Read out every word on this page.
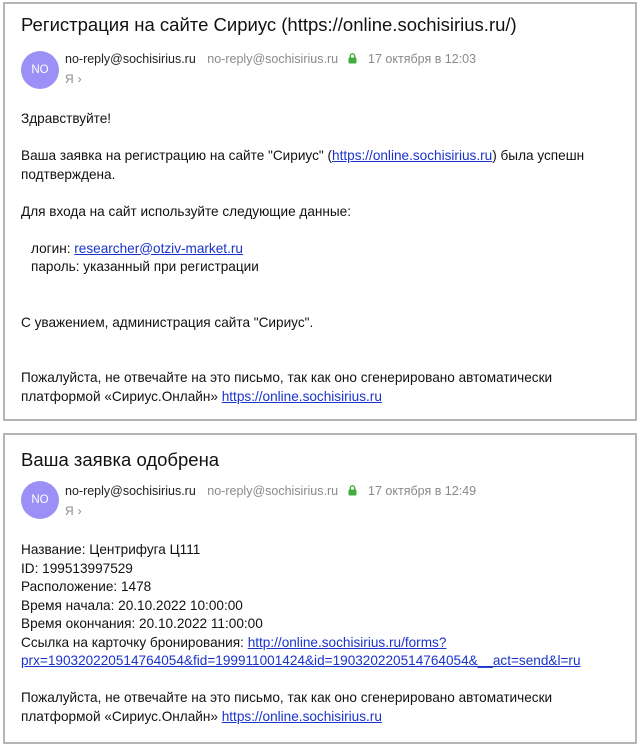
Регистрация на сайте Сириус (https://online.sochisirius.ru/)
NO
no-reply@sochisirius.ru no-reply@sochisirius.ru 17 октября в 12:03
Я ›

Здравствуйте!

Ваша заявка на регистрацию на сайте "Сириус" (https://online.sochisirius.ru) была успешн

подтверждена.

Для входа на сайт используйте следующие данные:

логин: researcher@otziv-market.ru

пароль: указанный при регистрации

С уважением, администрация сайта "Сириус".

Пожалуйста, не отвечайте на это письмо, так как оно сгенерировано автоматически

платформой «Сириус.Онлайн» https://online.sochisirius.ru

Ваша заявка одобрена
NO
no-reply@sochisirius.ru no-reply@sochisirius.ru 17 октября в 12:49
Я ›

Название: Центрифуга Ц111

ID: 199513997529

Расположение: 1478

Время начала: 20.10.2022 10:00:00

Время окончания: 20.10.2022 11:00:00

Ссылка на карточку бронирования: http://online.sochisirius.ru/forms?

prx=190320220514764054&fid=199911001424&id=190320220514764054&__act=send&l=ru

Пожалуйста, не отвечайте на это письмо, так как оно сгенерировано автоматически

платформой «Сириус.Онлайн» https://online.sochisirius.ru
